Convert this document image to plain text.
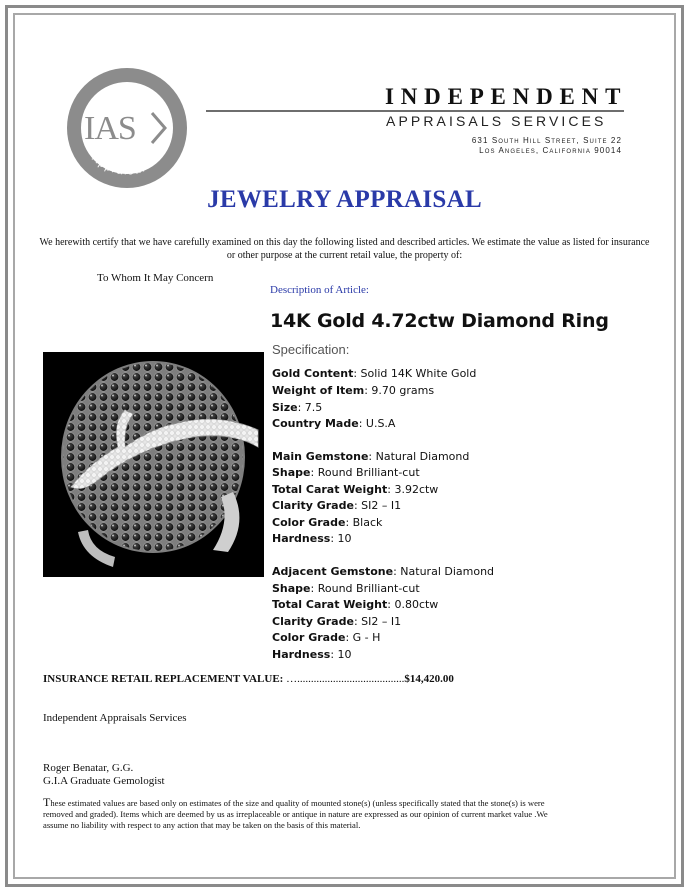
IAS
Appraisal
INDEPENDENT
APPRAISALS SERVICES
631 South Hill Street, Suite 22
Los Angeles, California 90014
JEWELRY APPRAISAL
We herewith certify that we have carefully examined on this day the following listed and described articles. We estimate the value as listed for insurance or other purpose at the current retail value, the property of:
To Whom It May Concern
Description of Article:
14K Gold 4.72ctw Diamond Ring
Specification:
Gold Content: Solid 14K White Gold
Weight of Item: 9.70 grams
Size: 7.5
Country Made: U.S.A
Main Gemstone: Natural Diamond
Shape: Round Brilliant-cut
Total Carat Weight: 3.92ctw
Clarity Grade: SI2 – I1
Color Grade: Black
Hardness: 10
Adjacent Gemstone: Natural Diamond
Shape: Round Brilliant-cut
Total Carat Weight: 0.80ctw
Clarity Grade: SI2 – I1
Color Grade: G - H
Hardness: 10
INSURANCE RETAIL REPLACEMENT VALUE: ….......................................$14,420.00
Independent Appraisals Services
Roger Benatar, G.G.
G.I.A Graduate Gemologist
These estimated values are based only on estimates of the size and quality of mounted stone(s) (unless specifically stated that the stone(s) is were removed and graded). Items which are deemed by us as irreplaceable or antique in nature are expressed as our opinion of current market value .We assume no liability with respect to any action that may be taken on the basis of this material.
